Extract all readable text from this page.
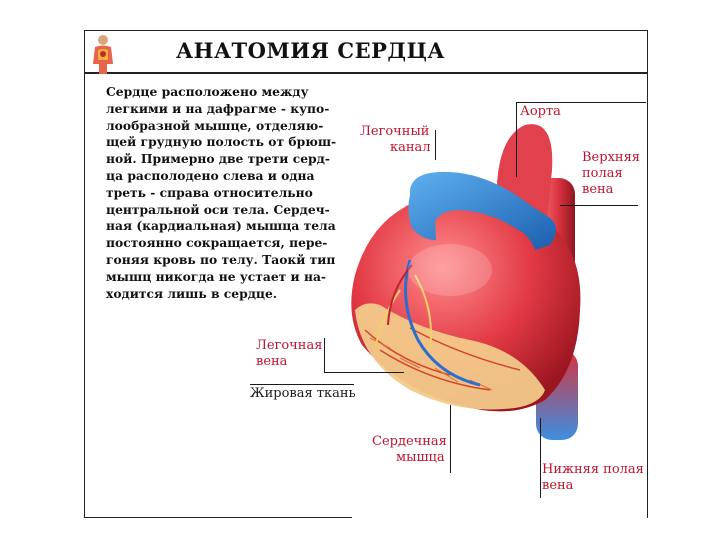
АНАТОМИЯ СЕРДЦА
Сердце расположено между
легкими и на дафрагме - купо-
лообразной мышце, отделяю-
щей грудную полость от брюш-
ной. Примерно две трети серд-
ца располодено слева и одна
треть - справа относительно
центральной оси тела. Сердеч-
ная (кардиальная) мышца тела
постоянно сокращается, пере-
гоняя кровь по телу. Таокй тип
мышц никогда не устает и на-
ходится лишь в сердце.
Аорта
Легочный
канал
Верхняя
полая
вена
Легочная
вена
Жировая ткань
Сердечная
мышца
Нижняя полая
вена
